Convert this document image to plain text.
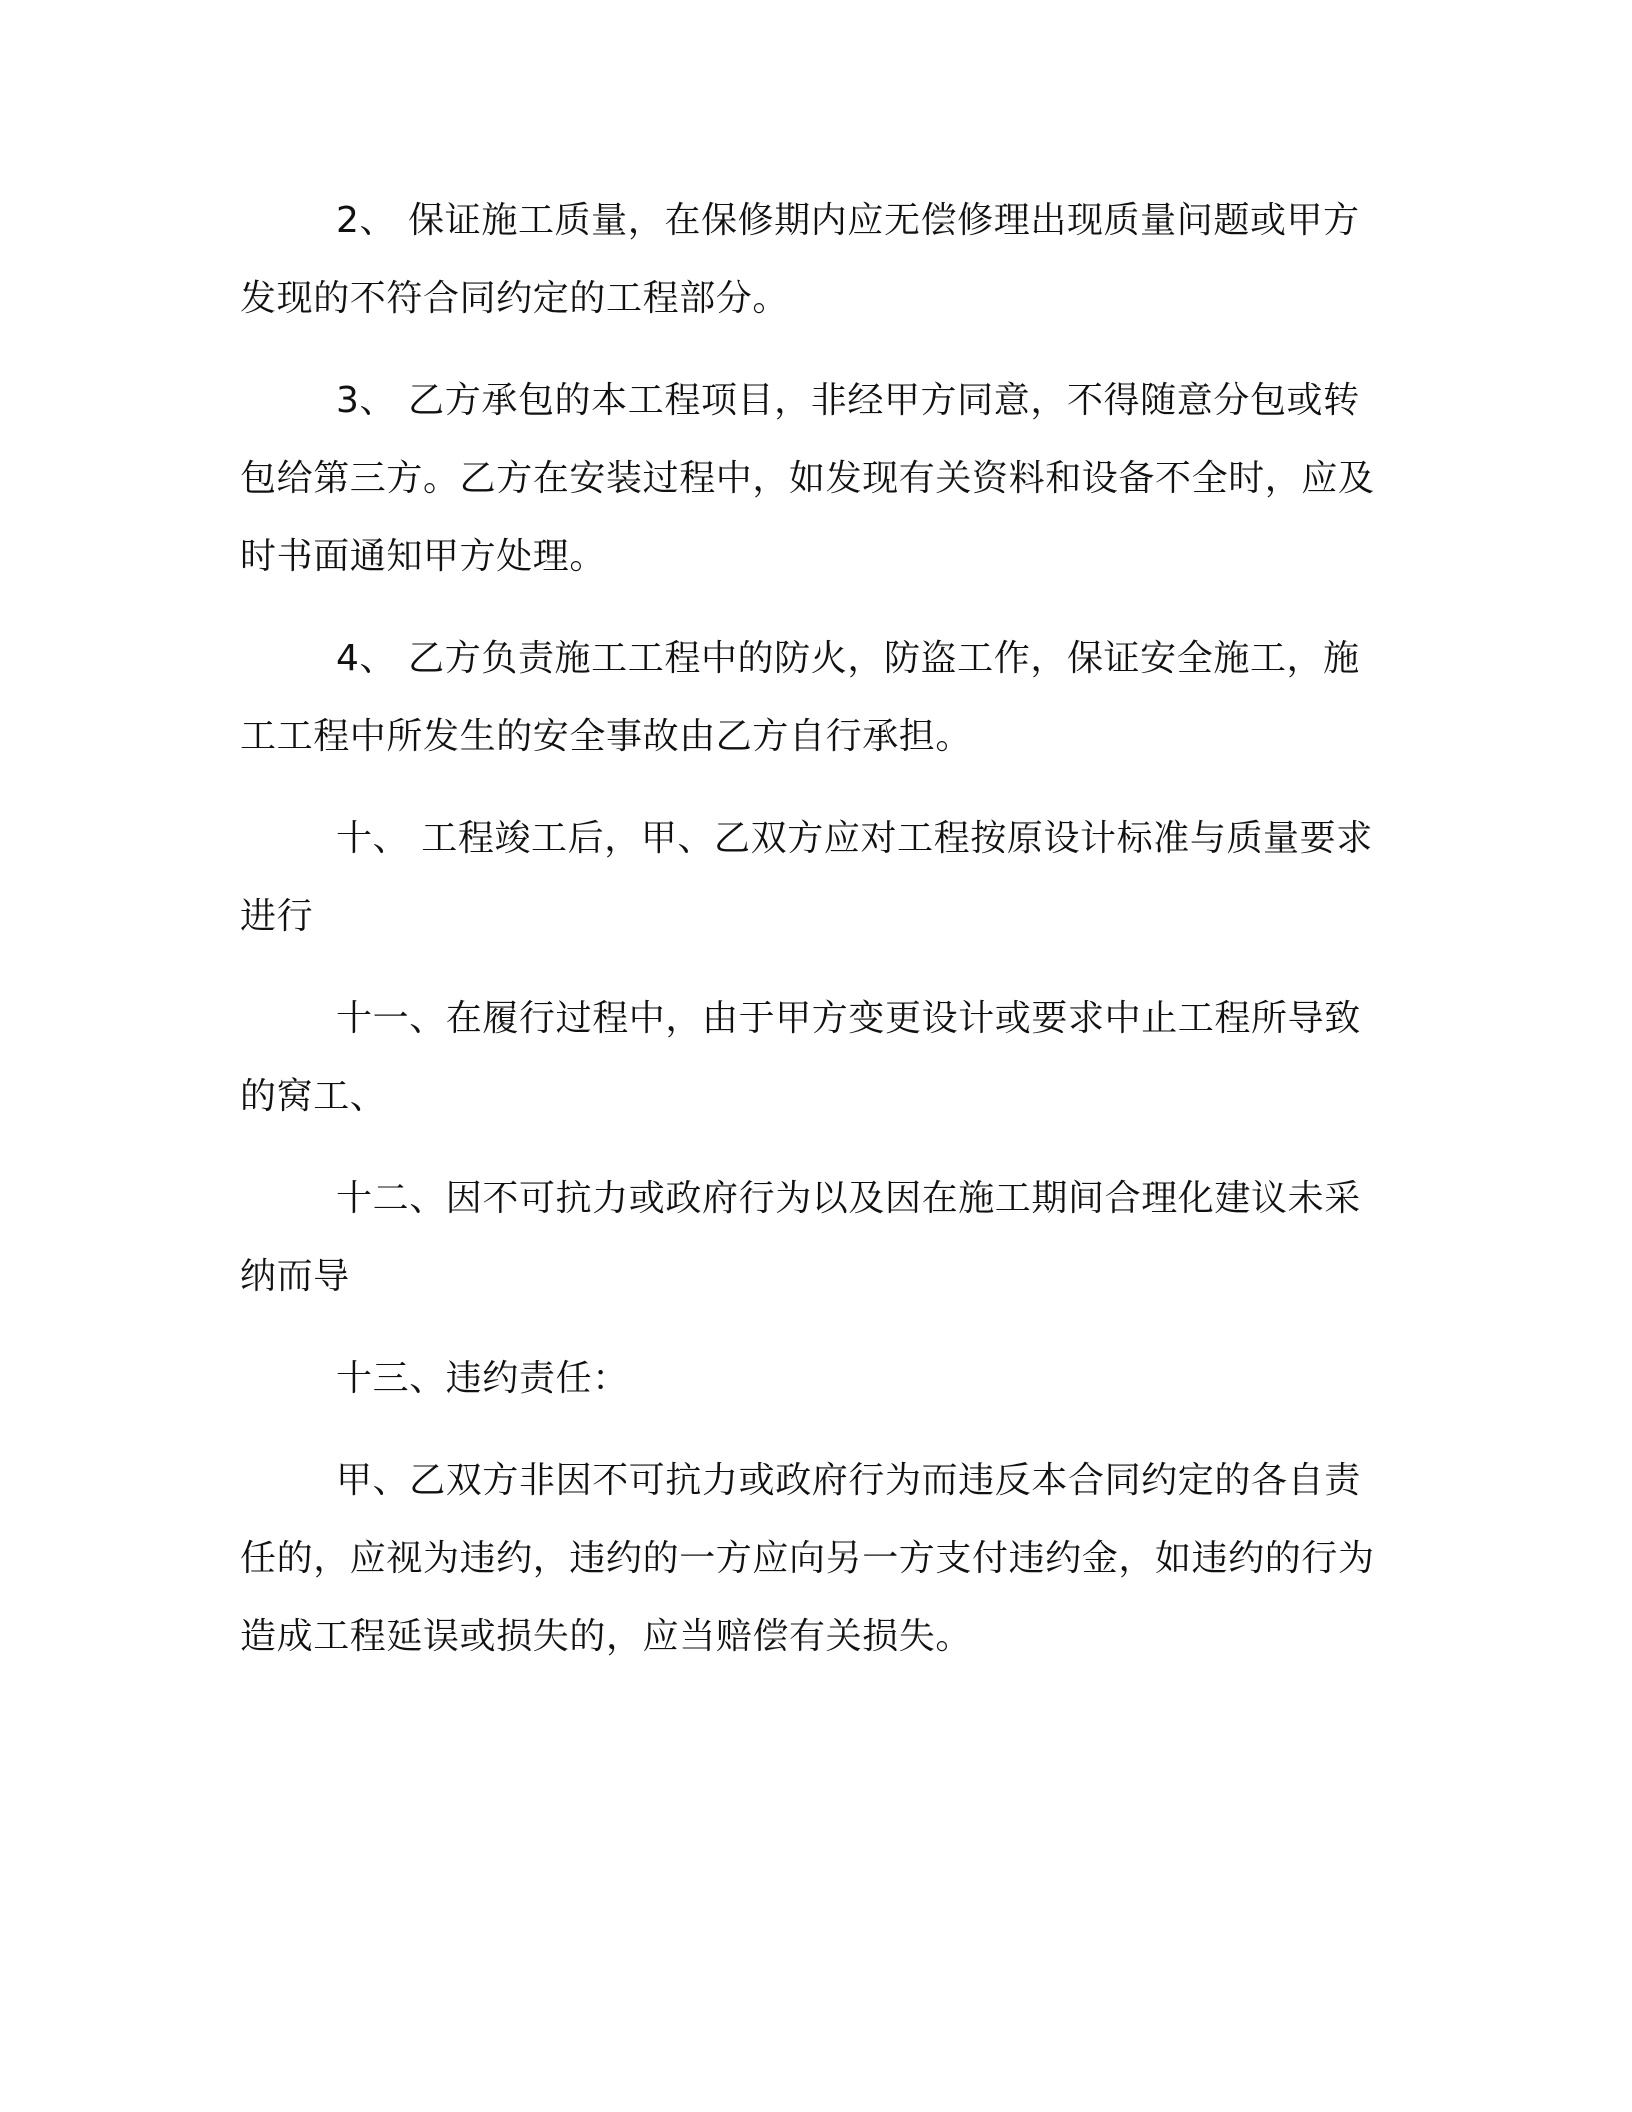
2、 保证施工质量，在保修期内应无偿修理出现质量问题或甲方发现的不符合同约定的工程部分。

3、 乙方承包的本工程项目，非经甲方同意，不得随意分包或转包给第三方。乙方在安装过程中，如发现有关资料和设备不全时，应及时书面通知甲方处理。

4、 乙方负责施工工程中的防火，防盗工作，保证安全施工，施工工程中所发生的安全事故由乙方自行承担。

十、 工程竣工后，甲、乙双方应对工程按原设计标准与质量要求进行

十一、在履行过程中，由于甲方变更设计或要求中止工程所导致的窝工、

十二、因不可抗力或政府行为以及因在施工期间合理化建议未采纳而导

十三、违约责任：

甲、乙双方非因不可抗力或政府行为而违反本合同约定的各自责任的，应视为违约，违约的一方应向另一方支付违约金，如违约的行为造成工程延误或损失的，应当赔偿有关损失。
